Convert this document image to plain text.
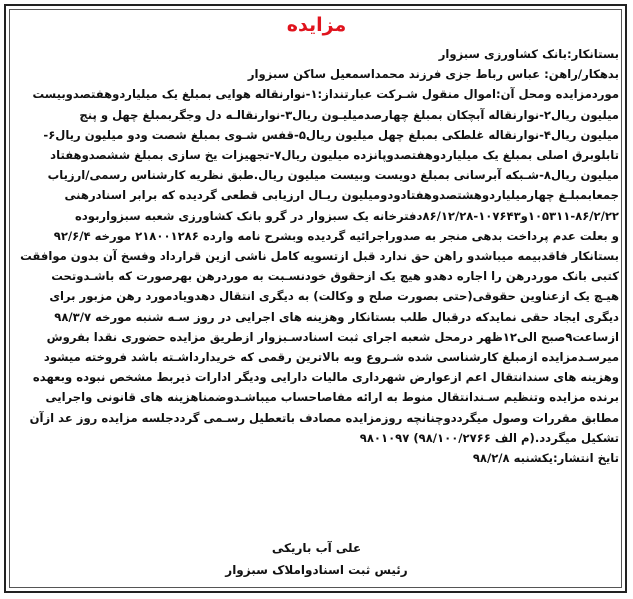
مزایده
بستانکار:بانک کشاورزی سبزوار
بدهکار/راهن: عباس رباط جزی فرزند محمداسمعیل ساکن سبزوار
موردمزایده ومحل آن:اموال منقول شـرکت عبارتنداز:۱-نوارنقاله هوایی بمبلغ یک میلیاردوهفتصدوبیست
میلیون ریال۲-نوارنقاله آبچکان بمبلغ چهارصدمیلیـون ریال۳-نوارنقالـه دل وجگربمبلغ چهل و پنج
میلیون ریال۴-نوارنقاله غلطکی بمبلغ چهل میلیون ریال۵-قفس شـوی بمبلغ شصت ودو میلیون ریال۶-
تابلوبرق اصلی بمبلغ یک میلیاردوهفتصدوپانزده میلیون ریال۷-تجهیزات یخ سازی بمبلغ ششصدوهفتاد
میلیون ریال۸-شـبکه آبرسانی بمبلغ دویست وبیست میلیون ریال.طبق نظریه کارشناس رسمی/ارزیاب
جمعابمبلـغ چهارمیلیاردوهشتصدوهفتادودومیلیون ریـال ارزیابی قطعی گردیده که برابر اسنادرهنی
۱۰۵۳۱۱-۸۶/۲/۲۲و۱۰۷۶۴۳-۸۶/۱۲/۲۸دفترخانه یک سبزوار در گرو بانک کشاورزی شعبه سبزواربوده
و بعلت عدم پرداخت بدهی منجر به صدوراجرائیه گردیده وبشرح نامه وارده ۲۱۸۰۰۱۲۸۶ مورخه ۹۲/۶/۴
بستانکار فاقدبیمه میباشدو راهن حق ندارد قبل ازتسویه کامل ناشی ازین قرارداد وفسخ آن بدون موافقت
کتبی بانک موردرهن را اجاره دهدو هیچ یک ازحقوق خودنسـبت به موردرهن بهرصورت که باشـدوتحت
هیـچ یک ازعناوین حقوقی(حتی بصورت صلح و وکالت) به دیگری انتقال دهدویادمورد رهن مزبور برای
دیگری ایجاد حقی نمایدکه درقبال طلب بستانکار وهزینه های اجرایی در روز سـه شنبه مورخه ۹۸/۳/۷
ازساعت۹صبح الی۱۲ظهر درمحل شعبه اجرای ثبت اسنادسـبزوار ازطریق مزایده حضوری نقدا بفروش
میرسـدمزایده ازمبلغ کارشناسی شده شـروع وبه بالاترین رقمی که خریدارداشـته باشد فروخته میشود
وهزینه های سندانتقال اعم ازعوارض شهرداری مالیات دارایی ودیگر ادارات ذیربط مشخص نبوده وبعهده
برنده مزایده وتنظیم سـندانتقال منوط به ارائه مفاصاحساب میباشـدوضمناهزینه های قانونی واجرایی
مطابق مقررات وصول میگرددوچنانچه روزمزایده مصادف باتعطیل رسـمی گرددجلسه مزایده روز عد ازآن
تشکیل میگردد.(م الف ۹۸/۱۰۰/۲۷۶۶) ۹۸۰۱۰۹۷
تایخ انتشار:یکشنبه ۹۸/۲/۸
علی آب باریکی
رئیس ثبت اسنادواملاک سبزوار
